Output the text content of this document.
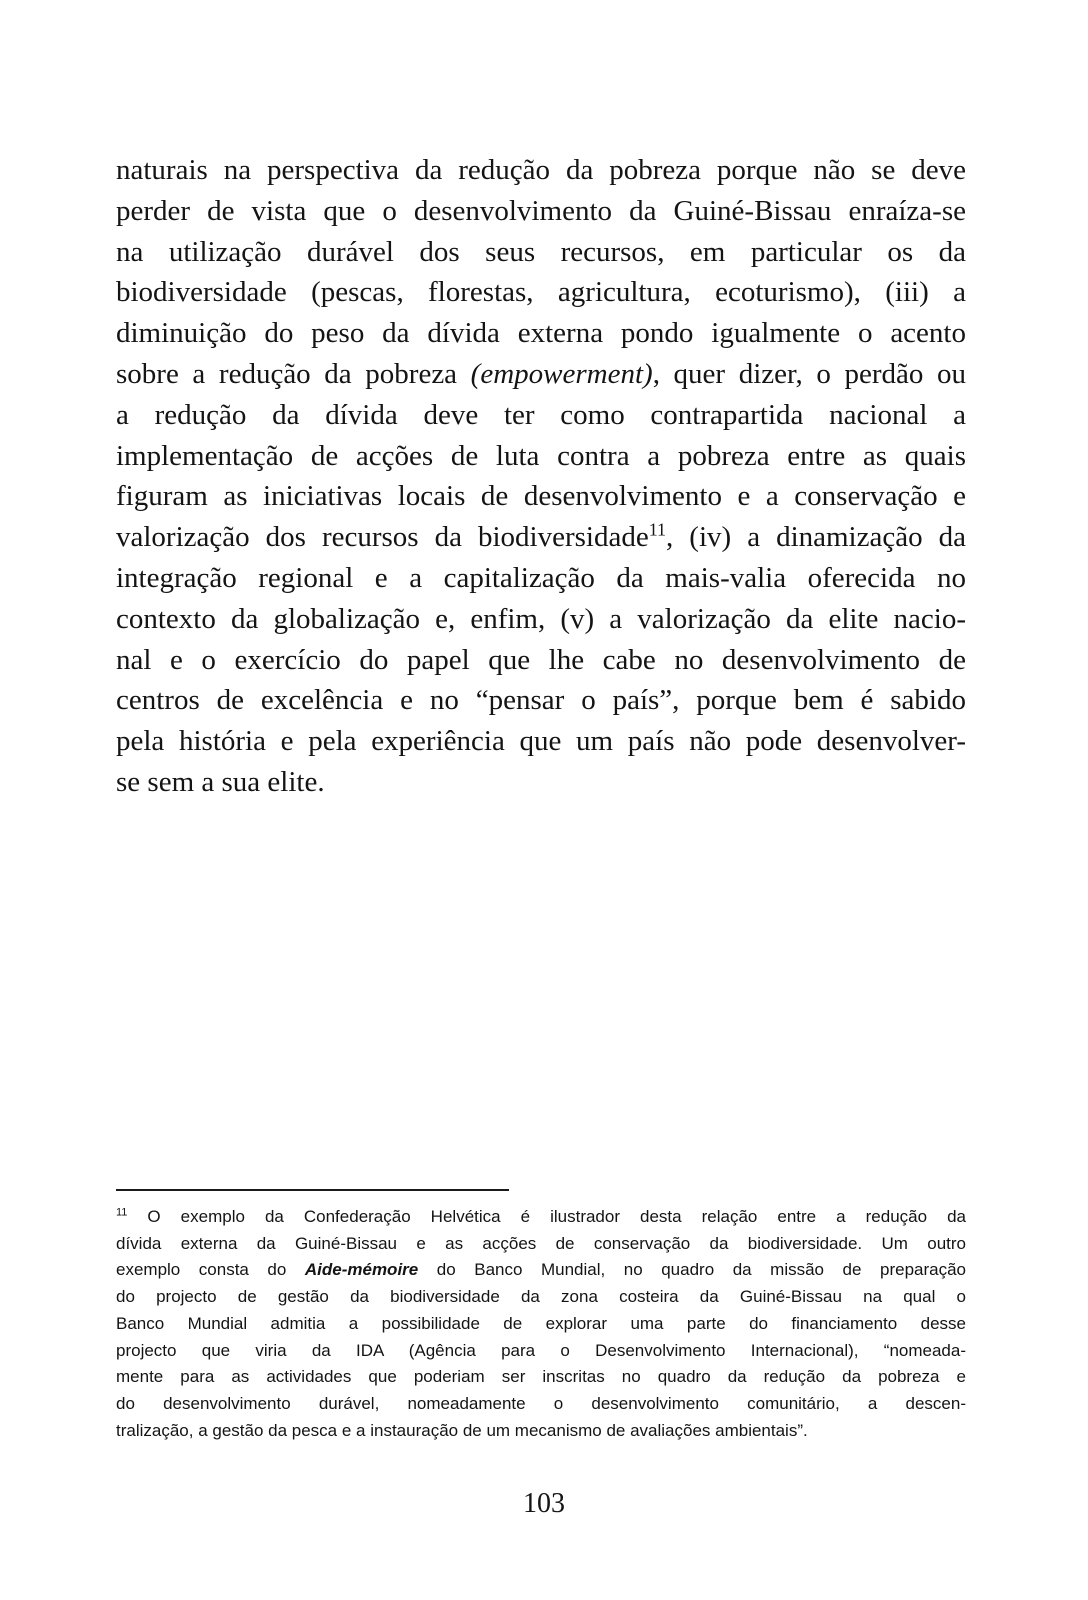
naturais na perspectiva da redução da pobreza porque não se deve
perder de vista que o desenvolvimento da Guiné-Bissau enraíza-se
na utilização durável dos seus recursos, em particular os da
biodiversidade (pescas, florestas, agricultura, ecoturismo), (iii) a
diminuição do peso da dívida externa pondo igualmente o acento
sobre a redução da pobreza (empowerment), quer dizer, o perdão ou
a redução da dívida deve ter como contrapartida nacional a
implementação de acções de luta contra a pobreza entre as quais
figuram as iniciativas locais de desenvolvimento e a conservação e
valorização dos recursos da biodiversidade$^{11}$, (iv) a dinamização da
integração regional e a capitalização da mais-valia oferecida no
contexto da globalização e, enfim, (v) a valorização da elite nacio-
nal e o exercício do papel que lhe cabe no desenvolvimento de
centros de excelência e no “pensar o país”, porque bem é sabido
pela história e pela experiência que um país não pode desenvolver-
se sem a sua elite.
$^{11}$ O exemplo da Confederação Helvética é ilustrador desta relação entre a redução da
dívida externa da Guiné-Bissau e as acções de conservação da biodiversidade. Um outro
exemplo consta do Aide-mémoire do Banco Mundial, no quadro da missão de preparação
do projecto de gestão da biodiversidade da zona costeira da Guiné-Bissau na qual o
Banco Mundial admitia a possibilidade de explorar uma parte do financiamento desse
projecto que viria da IDA (Agência para o Desenvolvimento Internacional), “nomeada-
mente para as actividades que poderiam ser inscritas no quadro da redução da pobreza e
do desenvolvimento durável, nomeadamente o desenvolvimento comunitário, a descen-
tralização, a gestão da pesca e a instauração de um mecanismo de avaliações ambientais”.
103
